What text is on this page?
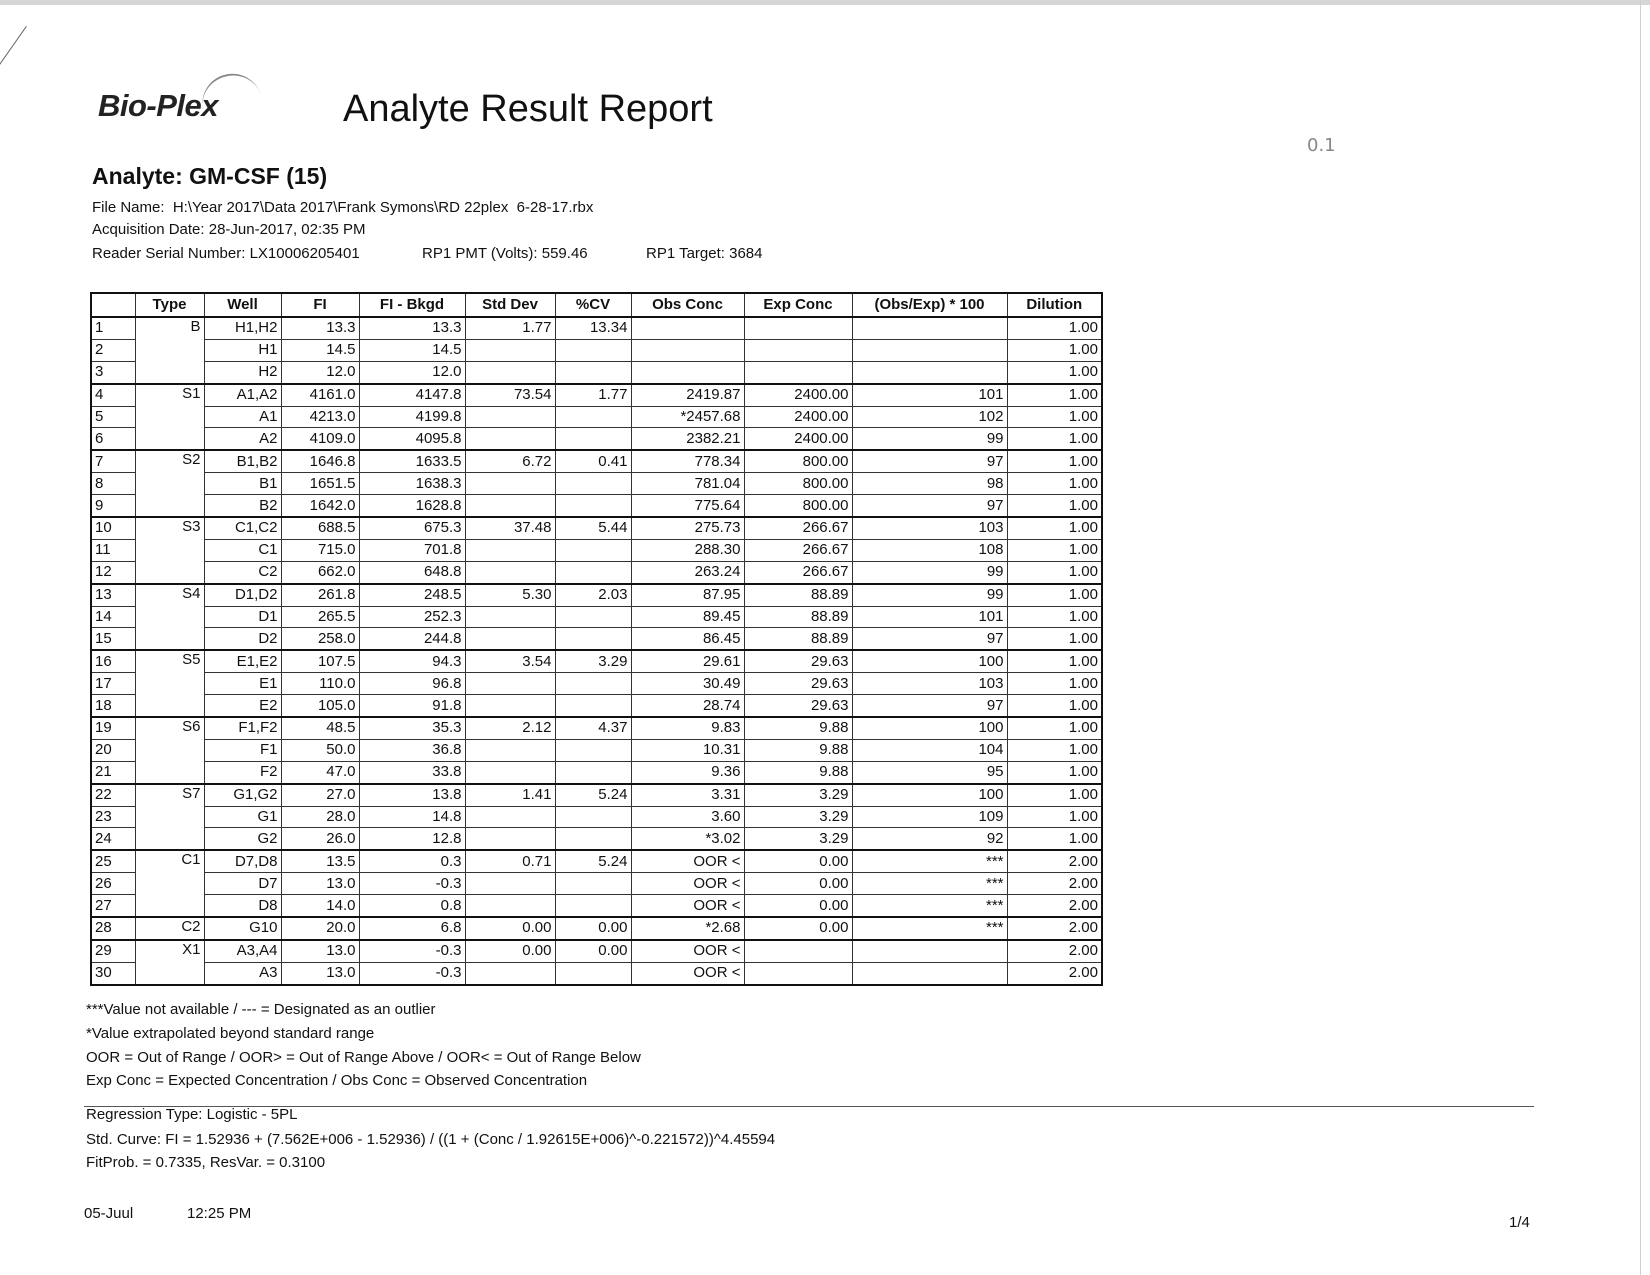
Bio-Plex	Analyte Result Report
0.1
Analyte: GM-CSF (15)
File Name:  H:\Year 2017\Data 2017\Frank Symons\RD 22plex  6-28-17.rbx
Acquisition Date: 28-Jun-2017, 02:35 PM
Reader Serial Number: LX10006205401	RP1 PMT (Volts): 559.46	RP1 Target: 3684
	Type	Well	FI	FI - Bkgd	Std Dev	%CV	Obs Conc	Exp Conc	(Obs/Exp) * 100	Dilution
1	B	H1,H2	13.3	13.3	1.77	13.34				1.00
2		H1	14.5	14.5						1.00
3		H2	12.0	12.0						1.00
4	S1	A1,A2	4161.0	4147.8	73.54	1.77	2419.87	2400.00	101	1.00
5		A1	4213.0	4199.8			*2457.68	2400.00	102	1.00
6		A2	4109.0	4095.8			2382.21	2400.00	99	1.00
7	S2	B1,B2	1646.8	1633.5	6.72	0.41	778.34	800.00	97	1.00
8		B1	1651.5	1638.3			781.04	800.00	98	1.00
9		B2	1642.0	1628.8			775.64	800.00	97	1.00
10	S3	C1,C2	688.5	675.3	37.48	5.44	275.73	266.67	103	1.00
11		C1	715.0	701.8			288.30	266.67	108	1.00
12		C2	662.0	648.8			263.24	266.67	99	1.00
13	S4	D1,D2	261.8	248.5	5.30	2.03	87.95	88.89	99	1.00
14		D1	265.5	252.3			89.45	88.89	101	1.00
15		D2	258.0	244.8			86.45	88.89	97	1.00
16	S5	E1,E2	107.5	94.3	3.54	3.29	29.61	29.63	100	1.00
17		E1	110.0	96.8			30.49	29.63	103	1.00
18		E2	105.0	91.8			28.74	29.63	97	1.00
19	S6	F1,F2	48.5	35.3	2.12	4.37	9.83	9.88	100	1.00
20		F1	50.0	36.8			10.31	9.88	104	1.00
21		F2	47.0	33.8			9.36	9.88	95	1.00
22	S7	G1,G2	27.0	13.8	1.41	5.24	3.31	3.29	100	1.00
23		G1	28.0	14.8			3.60	3.29	109	1.00
24		G2	26.0	12.8			*3.02	3.29	92	1.00
25	C1	D7,D8	13.5	0.3	0.71	5.24	OOR <	0.00	***	2.00
26		D7	13.0	-0.3			OOR <	0.00	***	2.00
27		D8	14.0	0.8			OOR <	0.00	***	2.00
28	C2	G10	20.0	6.8	0.00	0.00	*2.68	0.00	***	2.00
29	X1	A3,A4	13.0	-0.3	0.00	0.00	OOR <			2.00
30		A3	13.0	-0.3			OOR <			2.00
***Value not available / --- = Designated as an outlier
*Value extrapolated beyond standard range
OOR = Out of Range / OOR> = Out of Range Above / OOR< = Out of Range Below
Exp Conc = Expected Concentration / Obs Conc = Observed Concentration
Regression Type: Logistic - 5PL
Std. Curve: FI = 1.52936 + (7.562E+006 - 1.52936) / ((1 + (Conc / 1.92615E+006)^-0.221572))^4.45594
FitProb. = 0.7335, ResVar. = 0.3100
05-Juul	12:25 PM
1/4
